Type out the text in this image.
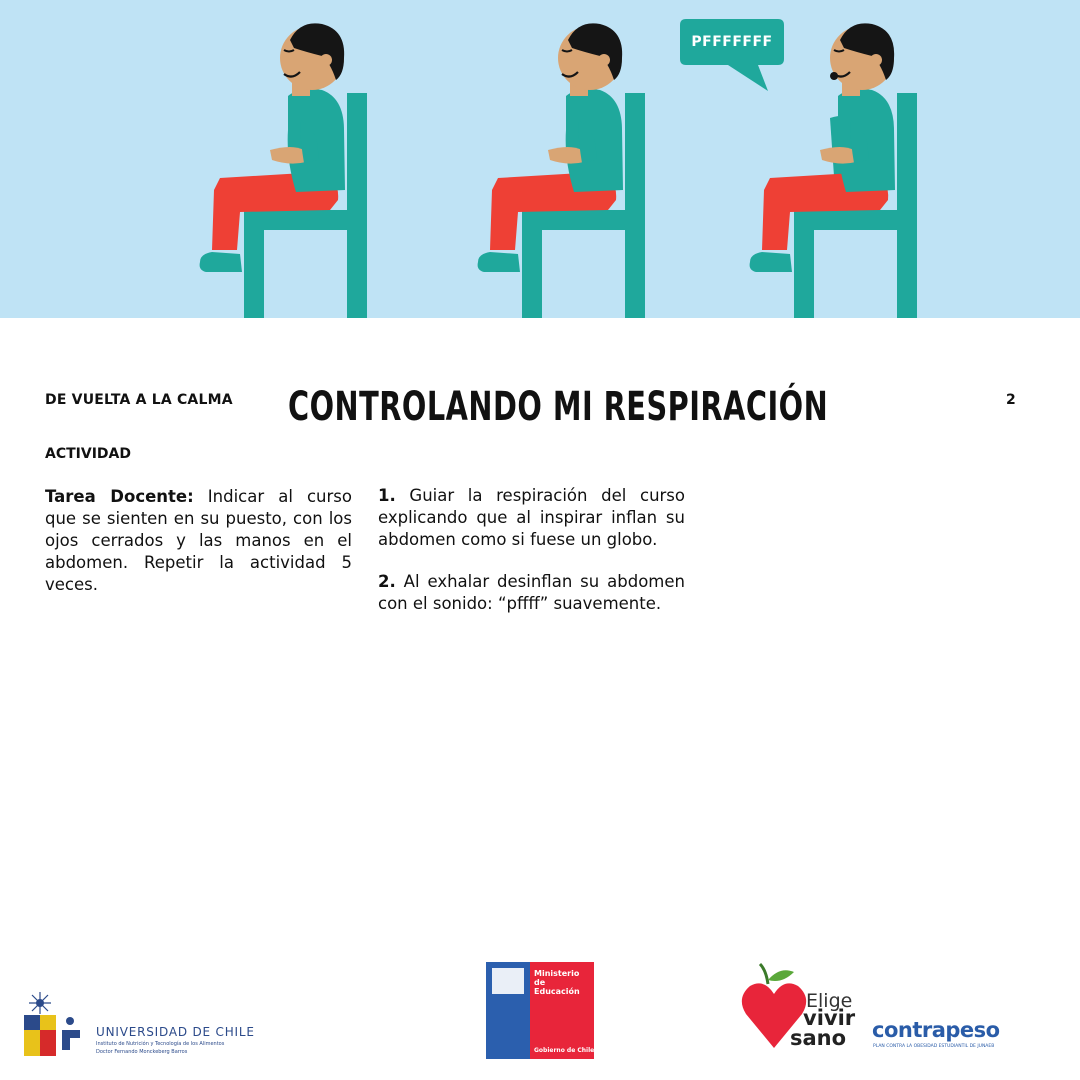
PFFFFFFF
DE VUELTA A LA CALMA CONTROLANDO MI RESPIRACIÓN	2
ACTIVIDAD
Tarea Docente: Indicar al curso que se sienten en su puesto, con los ojos cerrados y las manos en el abdomen. Repetir la actividad 5 veces.

1. Guiar la respiración del curso explicando que al inspirar inflan su abdomen como si fuese un globo.

2. Al exhalar desinflan su abdomen con el sonido: “pffff” suavemente.

UNIVERSIDAD DE CHILE
Instituto de Nutrición y Tecnología de los Alimentos
Doctor Fernando Monckeberg Barros
Ministerio de Educación
Gobierno de Chile
Elige
vivir
sano contrapeso
PLAN CONTRA LA OBESIDAD ESTUDIANTIL DE JUNAEB
